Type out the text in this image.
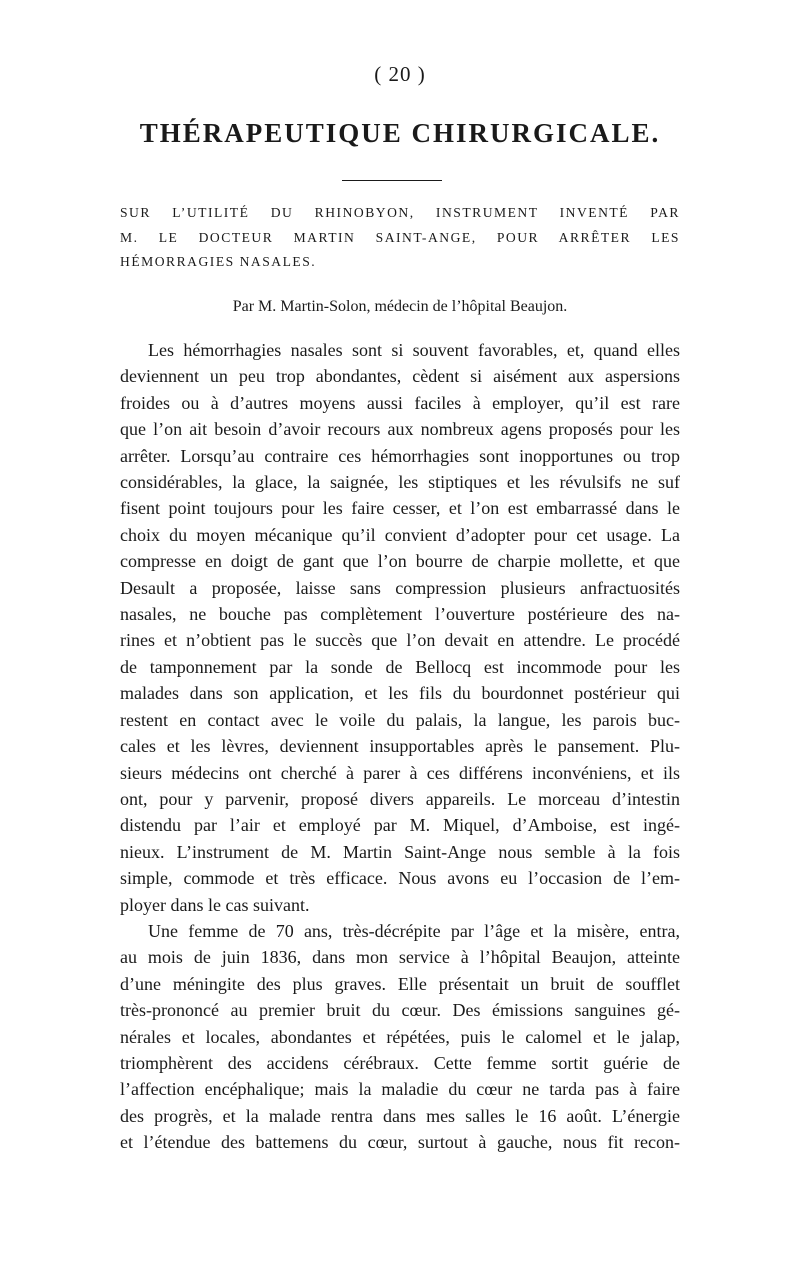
( 20 )
THÉRAPEUTIQUE CHIRURGICALE.
SUR L’UTILITÉ DU RHINOBYON, INSTRUMENT INVENTÉ PAR
M. LE DOCTEUR MARTIN SAINT-ANGE, POUR ARRÊTER LES
HÉMORRAGIES NASALES.
Par M. Martin-Solon, médecin de l’hôpital Beaujon.
Les hémorrhagies nasales sont si souvent favorables, et, quand elles
deviennent un peu trop abondantes, cèdent si aisément aux aspersions
froides ou à d’autres moyens aussi faciles à employer, qu’il est rare
que l’on ait besoin d’avoir recours aux nombreux agens proposés pour les
arrêter. Lorsqu’au contraire ces hémorrhagies sont inopportunes ou trop
considérables, la glace, la saignée, les stiptiques et les révulsifs ne suf
fisent point toujours pour les faire cesser, et l’on est embarrassé dans le
choix du moyen mécanique qu’il convient d’adopter pour cet usage. La
compresse en doigt de gant que l’on bourre de charpie mollette, et que
Desault a proposée, laisse sans compression plusieurs anfractuosités
nasales, ne bouche pas complètement l’ouverture postérieure des na-
rines et n’obtient pas le succès que l’on devait en attendre. Le procédé
de tamponnement par la sonde de Bellocq est incommode pour les
malades dans son application, et les fils du bourdonnet postérieur qui
restent en contact avec le voile du palais, la langue, les parois buc-
cales et les lèvres, deviennent insupportables après le pansement. Plu-
sieurs médecins ont cherché à parer à ces différens inconvéniens, et ils
ont, pour y parvenir, proposé divers appareils. Le morceau d’intestin
distendu par l’air et employé par M. Miquel, d’Amboise, est ingé-
nieux. L’instrument de M. Martin Saint-Ange nous semble à la fois
simple, commode et très efficace. Nous avons eu l’occasion de l’em-
ployer dans le cas suivant.
Une femme de 70 ans, très-décrépite par l’âge et la misère, entra,
au mois de juin 1836, dans mon service à l’hôpital Beaujon, atteinte
d’une méningite des plus graves. Elle présentait un bruit de soufflet
très-prononcé au premier bruit du cœur. Des émissions sanguines gé-
nérales et locales, abondantes et répétées, puis le calomel et le jalap,
triomphèrent des accidens cérébraux. Cette femme sortit guérie de
l’affection encéphalique; mais la maladie du cœur ne tarda pas à faire
des progrès, et la malade rentra dans mes salles le 16 août. L’énergie
et l’étendue des battemens du cœur, surtout à gauche, nous fit recon-
